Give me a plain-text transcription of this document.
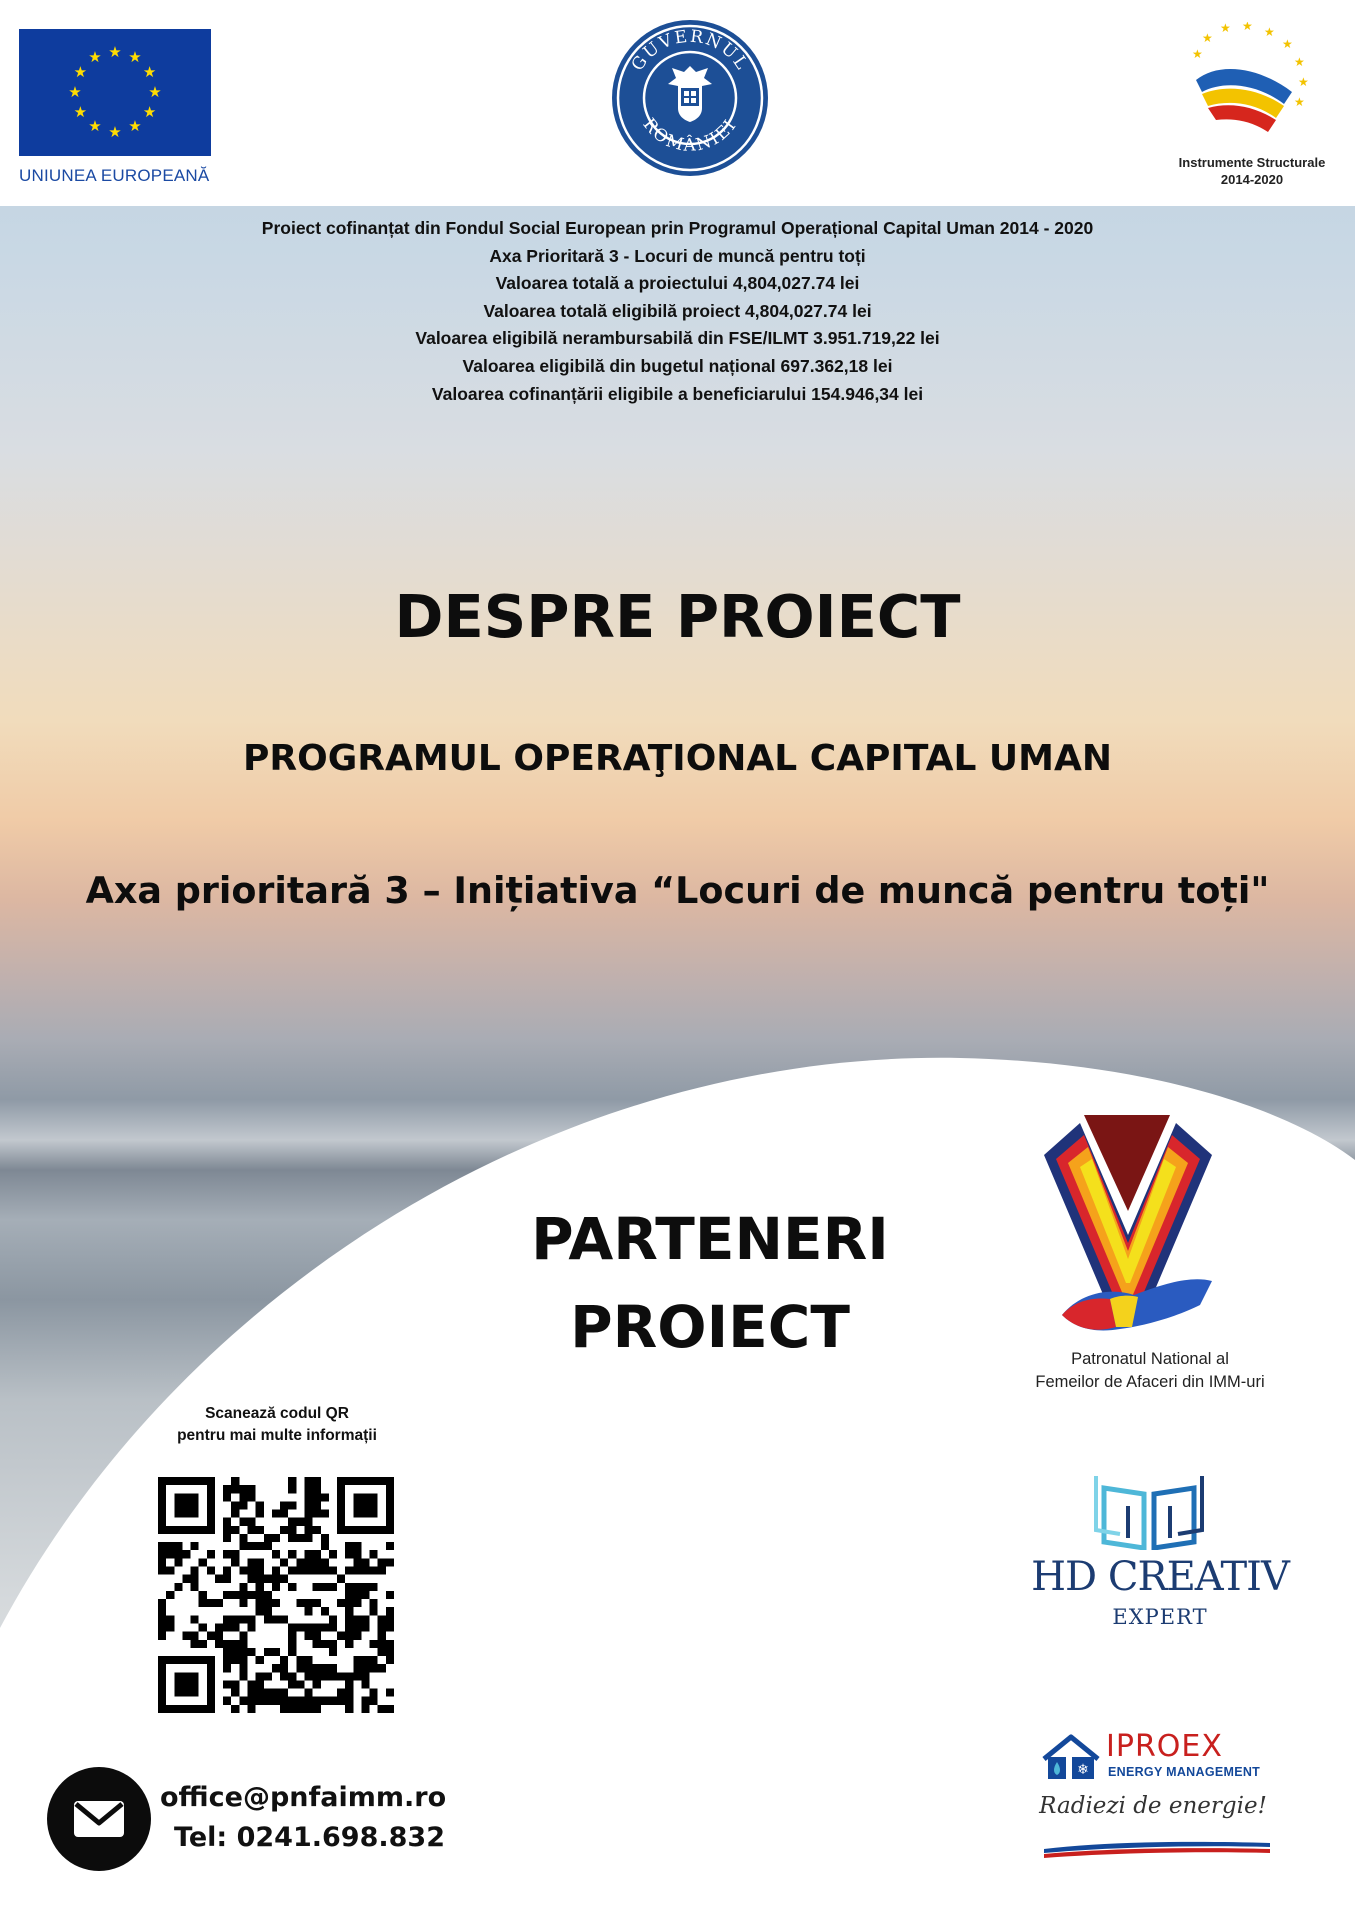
★ ★
★
★
★
★
★
★
★
★
★
★
UNIUNEA EUROPEANĂ
GUVERNUL
ROMÂNIEI
★
★
★ ★ ★
★
★
★
★
Instrumente Structurale
2014-2020
Proiect cofinanțat din Fondul Social European prin Programul Operațional Capital Uman 2014 - 2020
Axa Prioritară 3 - Locuri de muncă pentru toți
Valoarea totală a proiectului 4,804,027.74 lei
Valoarea totală eligibilă proiect 4,804,027.74 lei
Valoarea eligibilă nerambursabilă din FSE/ILMT 3.951.719,22 lei
Valoarea eligibilă din bugetul național 697.362,18 lei
Valoarea cofinanțării eligibile a beneficiarului 154.946,34 lei
DESPRE PROIECT
PROGRAMUL OPERAŢIONAL CAPITAL UMAN
Axa prioritară 3 – Inițiativa “Locuri de muncă pentru toți"
PARTENERI
PROIECT
Scanează codul QR
pentru mai multe informații
office@pnfaimm.ro
Tel: 0241.698.832
Patronatul National al
Femeilor de Afaceri din IMM-uri
HD CREATIV
EXPERT
❄
IPROEX
ENERGY MANAGEMENT
Radiezi de energie!
